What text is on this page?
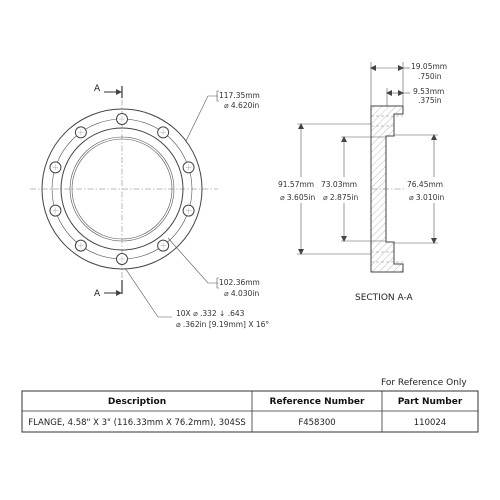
A
A
117.35mm
⌀ 4.620in
102.36mm
⌀ 4.030in
10X ⌀ .332 ↓ .643
⌀ .362in [9.19mm] X 16°
19.05mm
.750in
9.53mm
.375in
91.57mm
⌀ 3.605in
73.03mm
⌀ 2.875in
76.45mm
⌀ 3.010in
SECTION A-A
For Reference Only
Description	Reference Number	Part Number
FLANGE, 4.58" X 3" (116.33mm X 76.2mm), 304SS	F458300	110024
